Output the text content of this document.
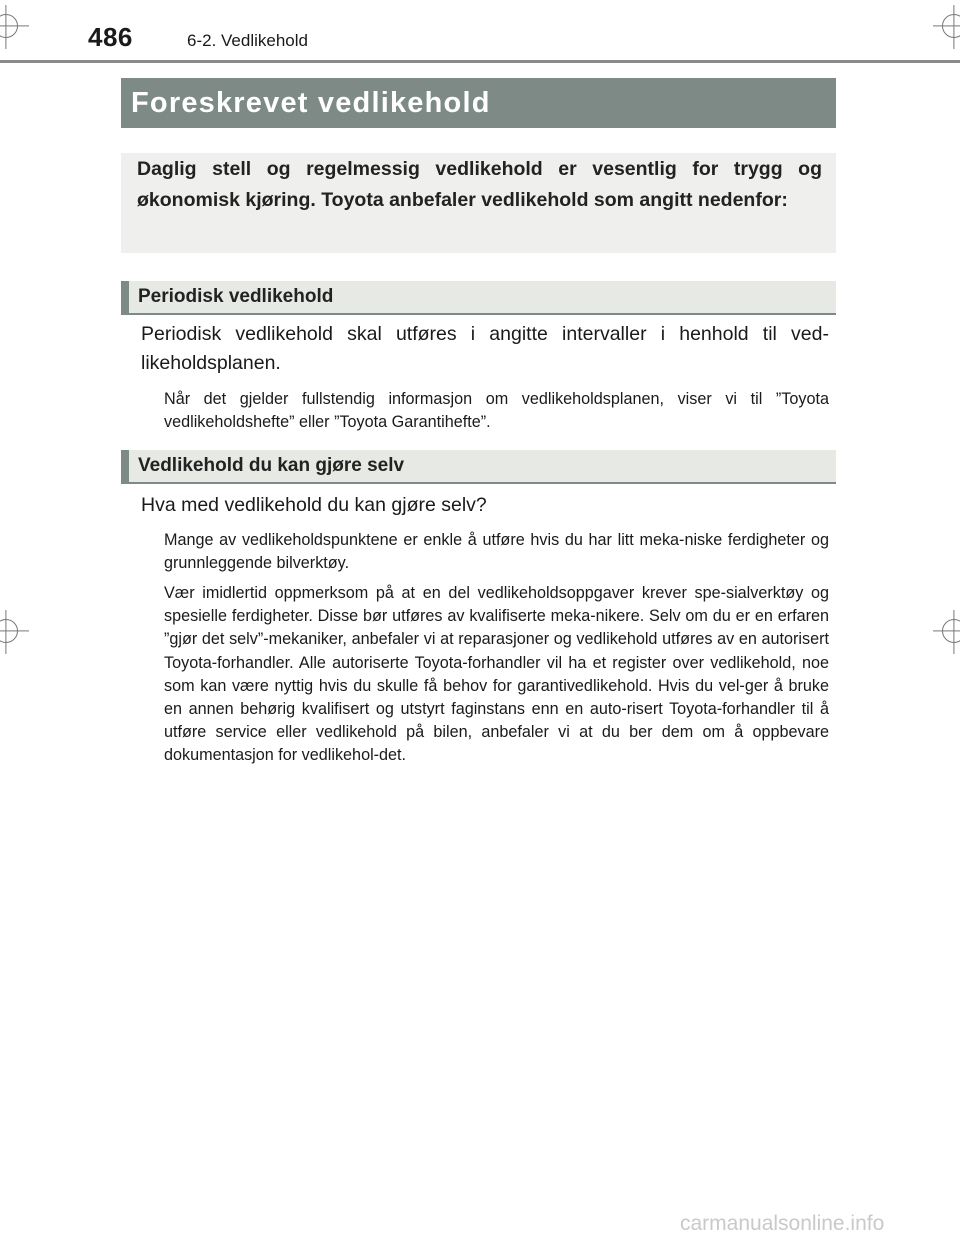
486	6-2. Vedlikehold
Foreskrevet vedlikehold

Daglig stell og regelmessig vedlikehold er vesentlig for trygg og økonomisk kjøring. Toyota anbefaler vedlikehold som angitt nedenfor:

Periodisk vedlikehold

Periodisk vedlikehold skal utføres i angitte intervaller i henhold til ved-likeholdsplanen.

Når det gjelder fullstendig informasjon om vedlikeholdsplanen, viser vi til ”Toyota vedlikeholdshefte” eller ”Toyota Garantihefte”.

Vedlikehold du kan gjøre selv

Hva med vedlikehold du kan gjøre selv?

Mange av vedlikeholdspunktene er enkle å utføre hvis du har litt meka-niske ferdigheter og grunnleggende bilverktøy.

Vær imidlertid oppmerksom på at en del vedlikeholdsoppgaver krever spe-sialverktøy og spesielle ferdigheter. Disse bør utføres av kvalifiserte meka-nikere. Selv om du er en erfaren ”gjør det selv”-mekaniker, anbefaler vi at reparasjoner og vedlikehold utføres av en autorisert Toyota-forhandler. Alle autoriserte Toyota-forhandler vil ha et register over vedlikehold, noe som kan være nyttig hvis du skulle få behov for garantivedlikehold. Hvis du vel-ger å bruke en annen behørig kvalifisert og utstyrt faginstans enn en auto-risert Toyota-forhandler til å utføre service eller vedlikehold på bilen, anbefaler vi at du ber dem om å oppbevare dokumentasjon for vedlikehol-det.

carmanualsonline.info
